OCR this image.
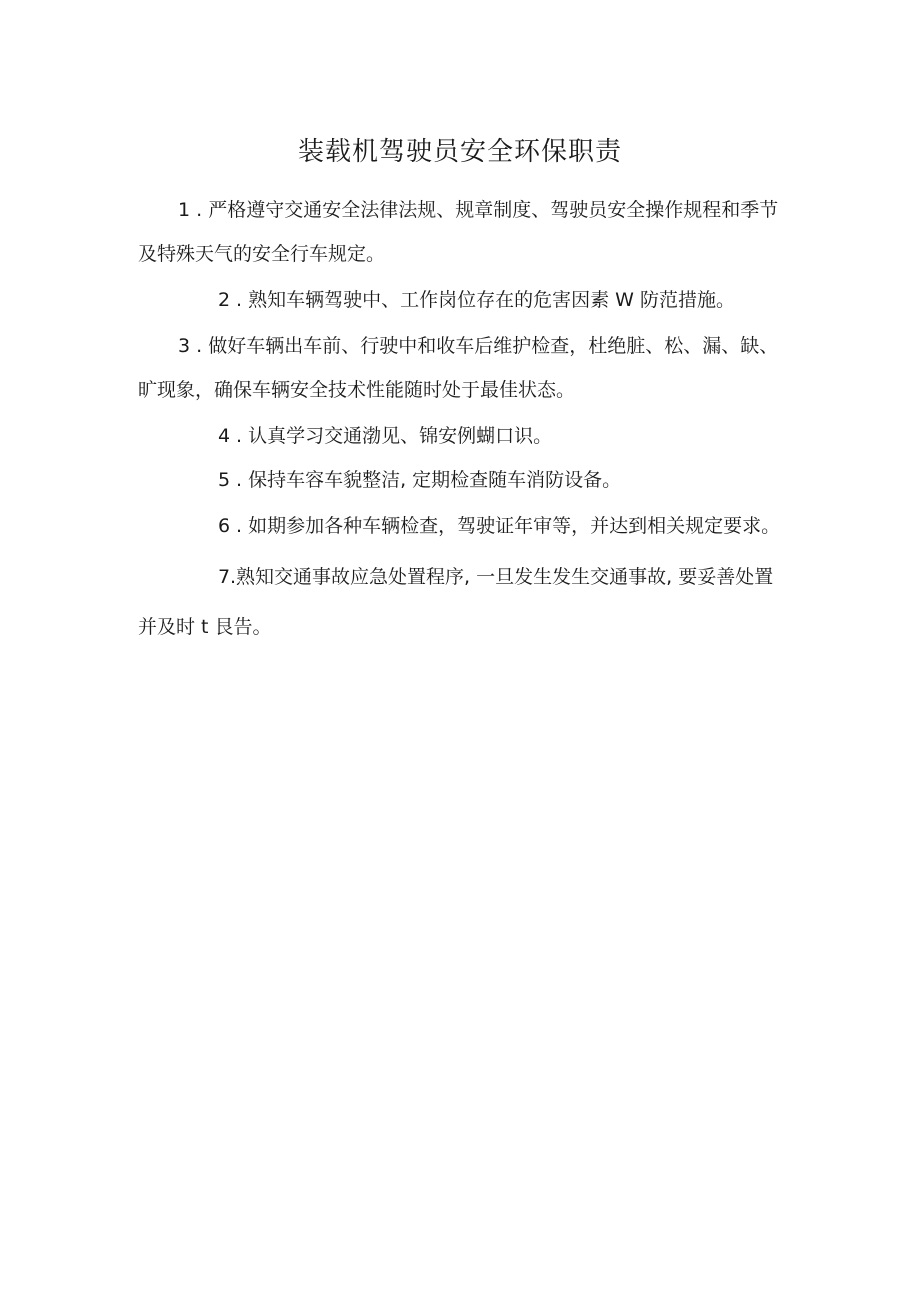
装载机驾驶员安全环保职责

1 . 严格遵守交通安全法律法规、规章制度、驾驶员安全操作规程和季节及特殊天气的安全行车规定。

2 . 熟知车辆驾驶中、工作岗位存在的危害因素 W 防范措施。

3 . 做好车辆出车前、行驶中和收车后维护检查，杜绝脏、松、漏、缺、旷现象，确保车辆安全技术性能随时处于最佳状态。

4 . 认真学习交通渤见、锦安例蝴口识。

5 . 保持车容车貌整洁, 定期检查随车消防设备。

6 . 如期参加各种车辆检查，驾驶证年审等，并达到相关规定要求。

7.熟知交通事故应急处置程序, 一旦发生发生交通事故, 要妥善处置并及时 t 艮告。
